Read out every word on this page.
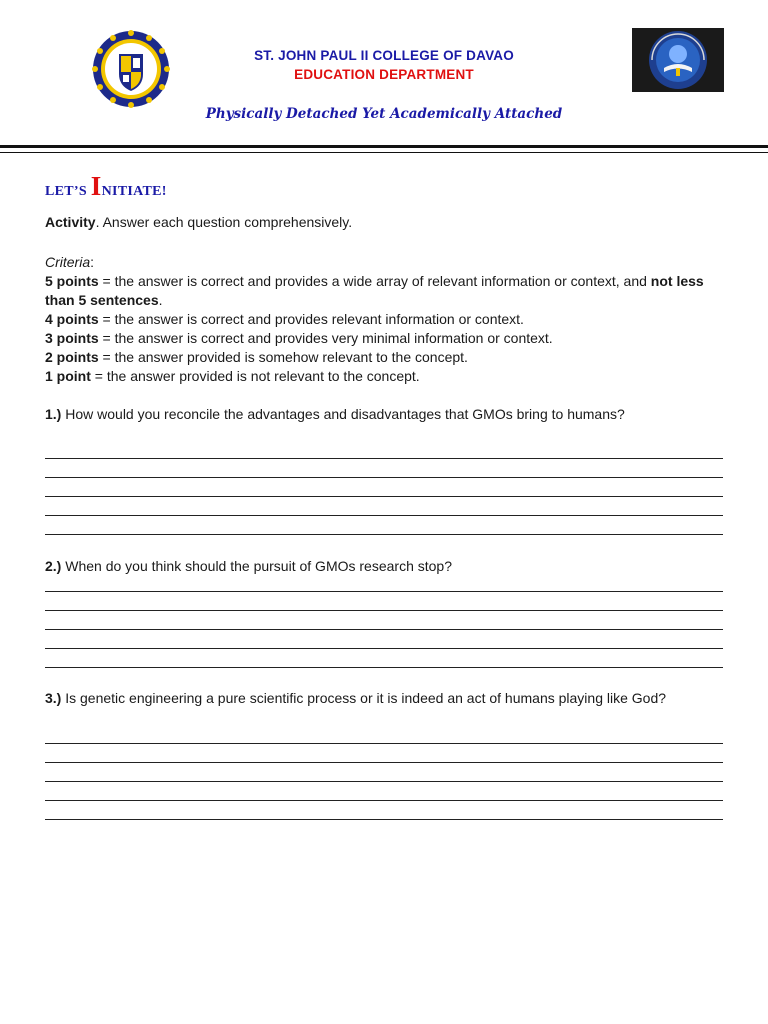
ST. JOHN PAUL II COLLEGE OF DAVAO
EDUCATION DEPARTMENT
Physically Detached Yet Academically Attached
LET’S INITIATE!
Activity. Answer each question comprehensively.
Criteria:
5 points = the answer is correct and provides a wide array of relevant information or context, and not less than 5 sentences.
4 points = the answer is correct and provides relevant information or context.
3 points = the answer is correct and provides very minimal information or context.
2 points = the answer provided is somehow relevant to the concept.
1 point = the answer provided is not relevant to the concept.
1.) How would you reconcile the advantages and disadvantages that GMOs bring to humans?
2.) When do you think should the pursuit of GMOs research stop?
3.) Is genetic engineering a pure scientific process or it is indeed an act of humans playing like God?
